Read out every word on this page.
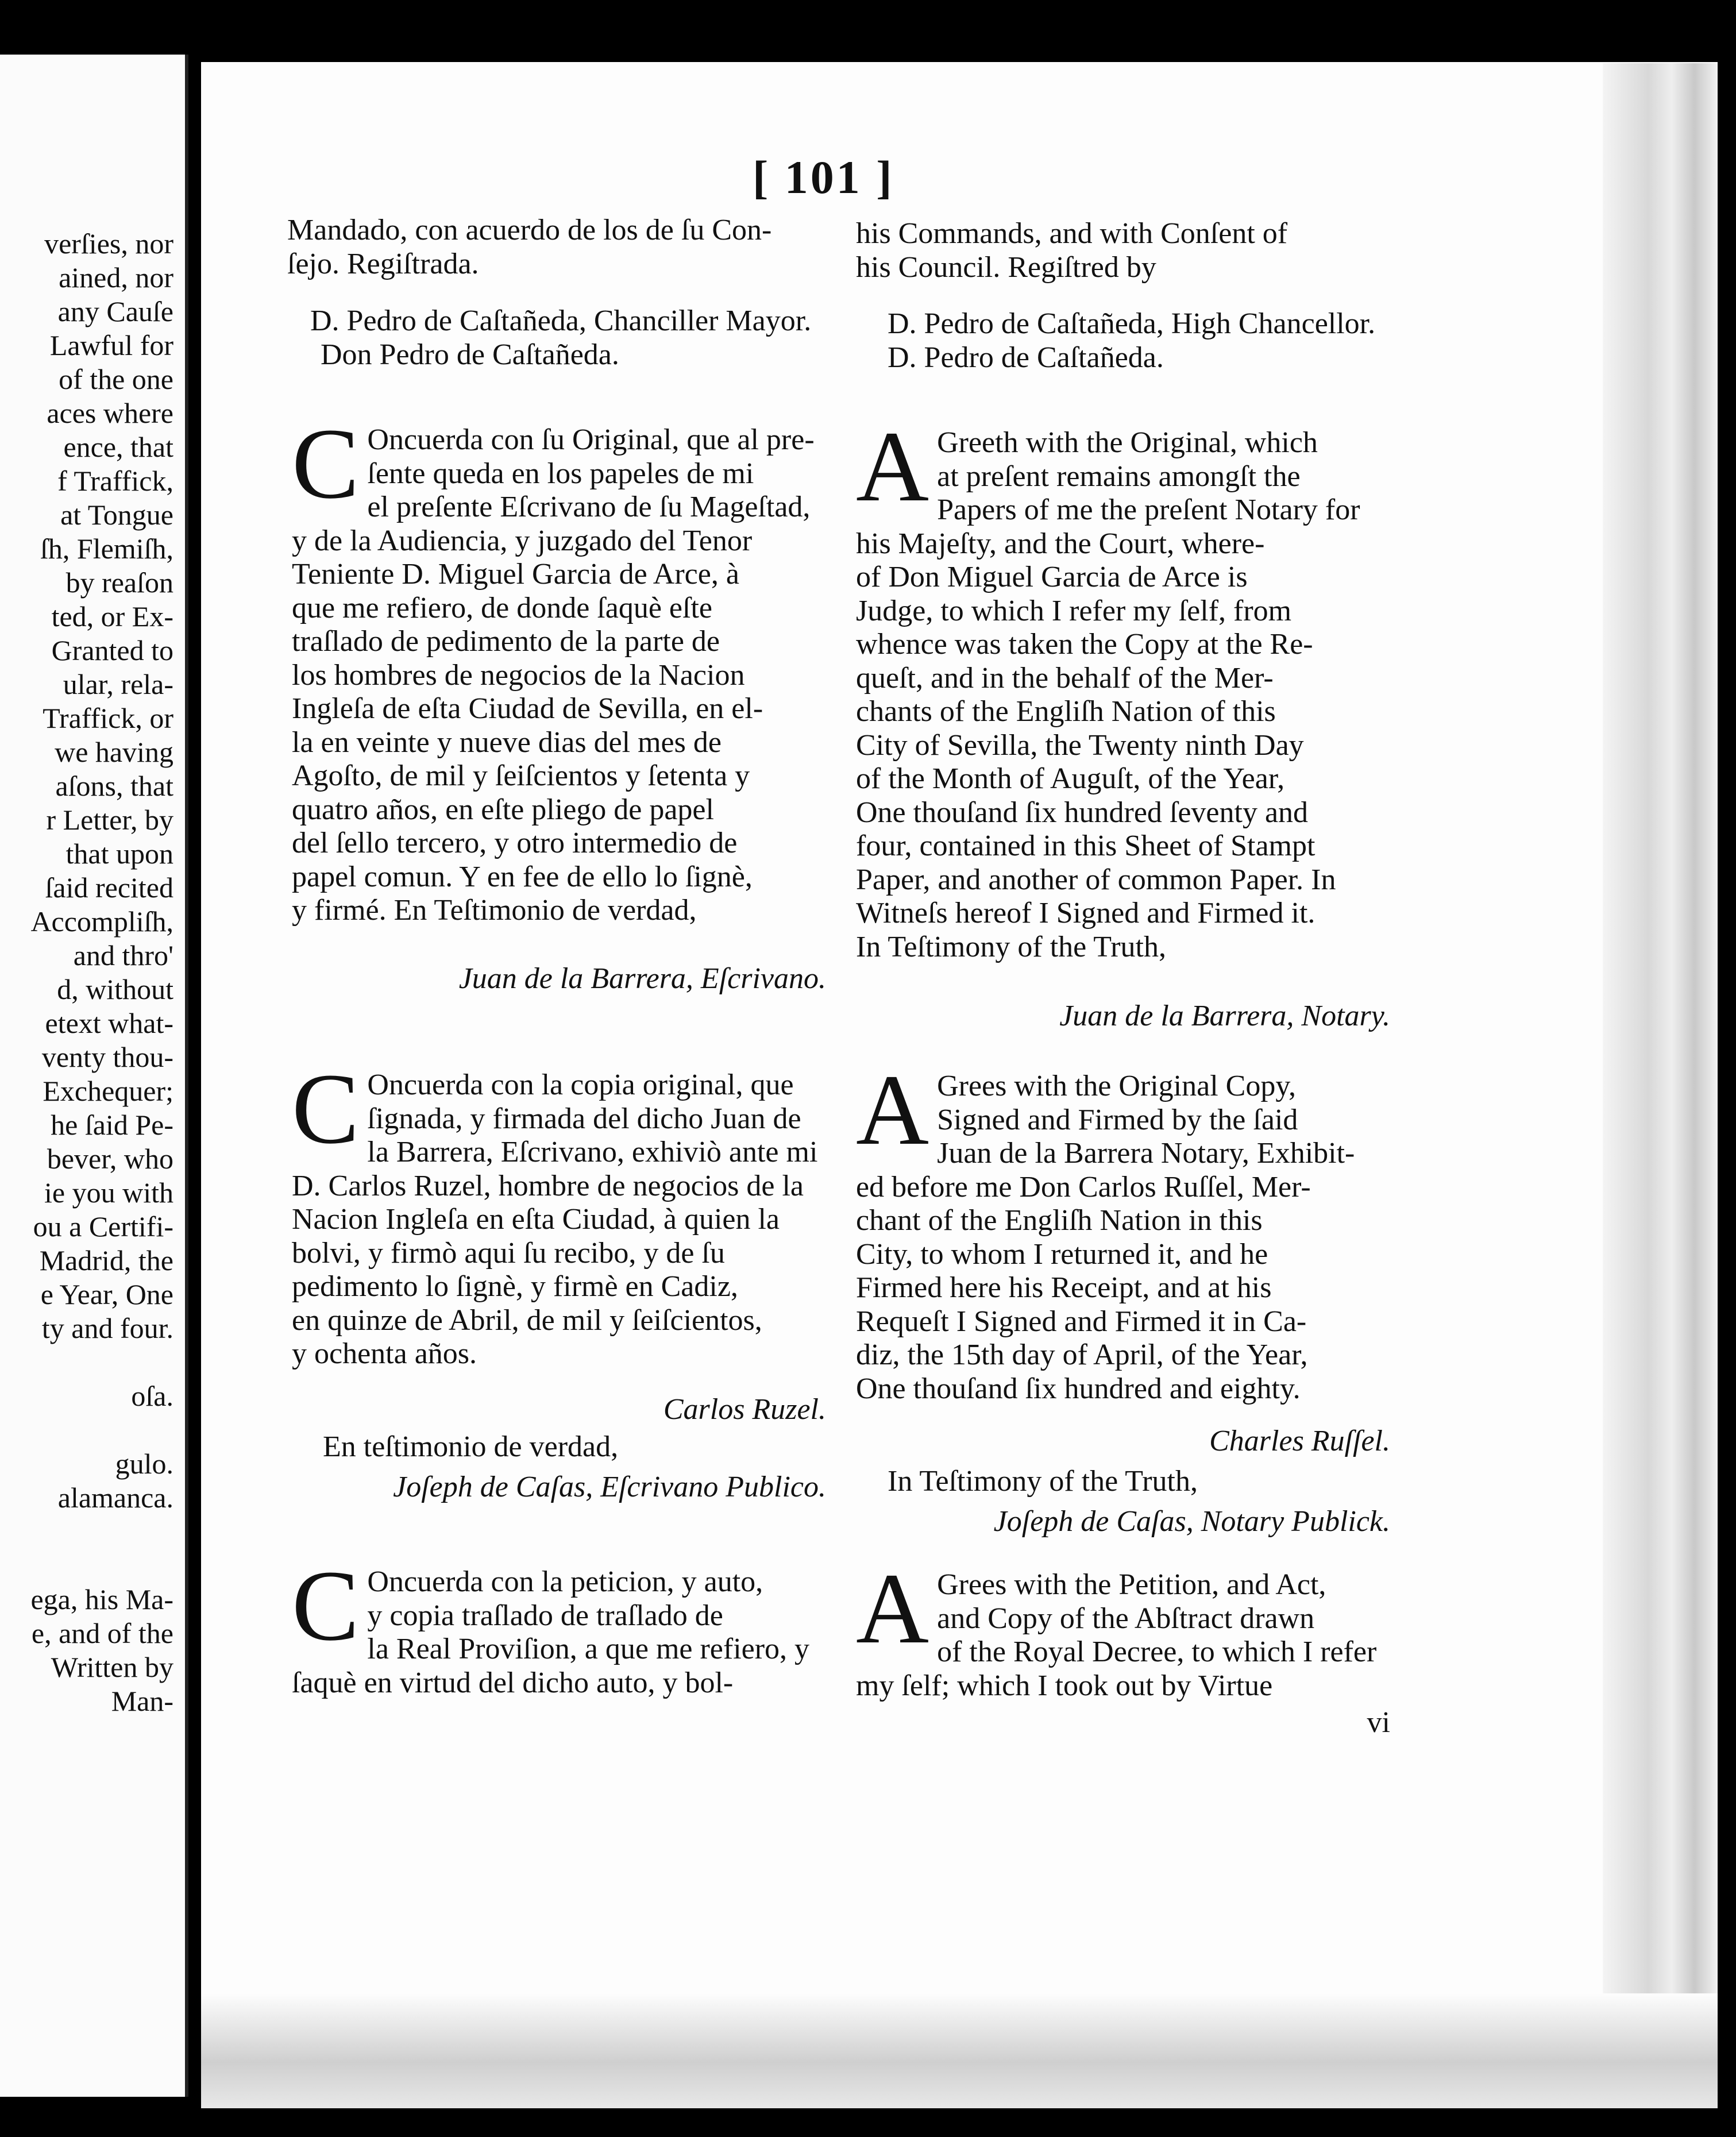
verſies, nor
ained, nor
any Cauſe
Lawful for
of the one
aces where
ence, that
f Traffick,
at Tongue
ſh, Flemiſh,
by reaſon
ted, or Ex-
Granted to
ular, rela-
Traffick, or
we having
aſons, that
r Letter, by
that upon
ſaid recited
Accompliſh,
and thro'
d, without
etext what-
venty thou-
Exchequer;
he ſaid Pe-
bever, who
ie you with
ou a Certifi-
Madrid, the
e Year, One
ty and four.
oſa.
gulo.
alamanca.
ega, his Ma-
e, and of the
Written by
Man-
[ 101 ]

Mandado, con acuerdo de los de ſu Con-

ſejo. Regiſtrada.

D. Pedro de Caſtañeda, Chanciller Mayor.

Don Pedro de Caſtañeda.

C Oncuerda con ſu Original, que al pre-

ſente queda en los papeles de mi

el preſente Eſcrivano de ſu Mageſtad,

y de la Audiencia, y juzgado del Tenor

Teniente D. Miguel Garcia de Arce, à

que me refiero, de donde ſaquè eſte

traſlado de pedimento de la parte de

los hombres de negocios de la Nacion

Ingleſa de eſta Ciudad de Sevilla, en el-

la en veinte y nueve dias del mes de

Agoſto, de mil y ſeiſcientos y ſetenta y

quatro años, en eſte pliego de papel

del ſello tercero, y otro intermedio de

papel comun. Y en fee de ello lo ſignè,

y firmé. En Teſtimonio de verdad,

Juan de la Barrera, Eſcrivano.

C Oncuerda con la copia original, que

ſignada, y firmada del dicho Juan de

la Barrera, Eſcrivano, exhiviò ante mi

D. Carlos Ruzel, hombre de negocios de la

Nacion Ingleſa en eſta Ciudad, à quien la

bolvi, y firmò aqui ſu recibo, y de ſu

pedimento lo ſignè, y firmè en Cadiz,

en quinze de Abril, de mil y ſeiſcientos,

y ochenta años.

Carlos Ruzel.

En teſtimonio de verdad,

Joſeph de Caſas, Eſcrivano Publico.

C Oncuerda con la peticion, y auto,

y copia traſlado de traſlado de

la Real Proviſion, a que me refiero, y

ſaquè en virtud del dicho auto, y bol-

his Commands, and with Conſent of

his Council. Regiſtred by

D. Pedro de Caſtañeda, High Chancellor.

D. Pedro de Caſtañeda.

A Greeth with the Original, which

at preſent remains amongſt the

Papers of me the preſent Notary for

his Majeſty, and the Court, where-

of Don Miguel Garcia de Arce is

Judge, to which I refer my ſelf, from

whence was taken the Copy at the Re-

queſt, and in the behalf of the Mer-

chants of the Engliſh Nation of this

City of Sevilla, the Twenty ninth Day

of the Month of Auguſt, of the Year,

One thouſand ſix hundred ſeventy and

four, contained in this Sheet of Stampt

Paper, and another of common Paper. In

Witneſs hereof I Signed and Firmed it.

In Teſtimony of the Truth,

Juan de la Barrera, Notary.

A Grees with the Original Copy,

Signed and Firmed by the ſaid

Juan de la Barrera Notary, Exhibit-

ed before me Don Carlos Ruſſel, Mer-

chant of the Engliſh Nation in this

City, to whom I returned it, and he

Firmed here his Receipt, and at his

Requeſt I Signed and Firmed it in Ca-

diz, the 15th day of April, of the Year,

One thouſand ſix hundred and eighty.

Charles Ruſſel.

In Teſtimony of the Truth,

Joſeph de Caſas, Notary Publick.

A Grees with the Petition, and Act,

and Copy of the Abſtract drawn

of the Royal Decree, to which I refer

my ſelf; which I took out by Virtue

vi
